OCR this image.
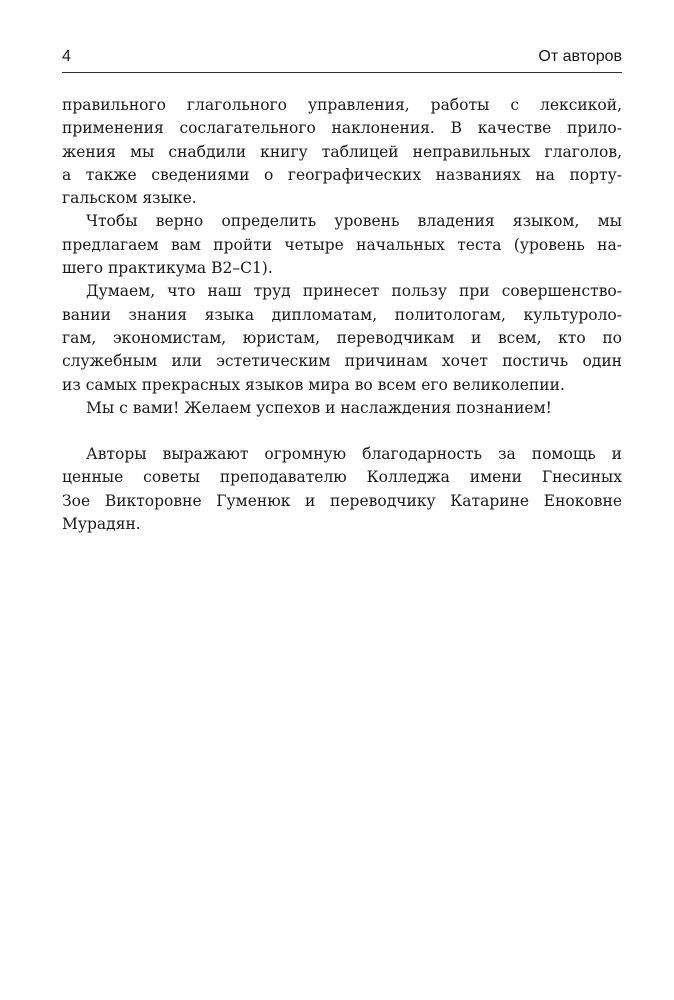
4	От авторов
правильного глагольного управления, работы с лексикой,
применения сослагательного наклонения. В качестве прило-
жения мы снабдили книгу таблицей неправильных глаголов,
а также сведениями о географических названиях на порту-
гальском языке.
Чтобы верно определить уровень владения языком, мы
предлагаем вам пройти четыре начальных теста (уровень на-
шего практикума B2–C1).
Думаем, что наш труд принесет пользу при совершенство-
вании знания языка дипломатам, политологам, культуроло-
гам, экономистам, юристам, переводчикам и всем, кто по
служебным или эстетическим причинам хочет постичь один
из самых прекрасных языков мира во всем его великолепии.
Мы с вами! Желаем успехов и наслаждения познанием!
Авторы выражают огромную благодарность за помощь и
ценные советы преподавателю Колледжа имени Гнесиных
Зое Викторовне Гуменюк и переводчику Катарине Еноковне
Мурадян.
